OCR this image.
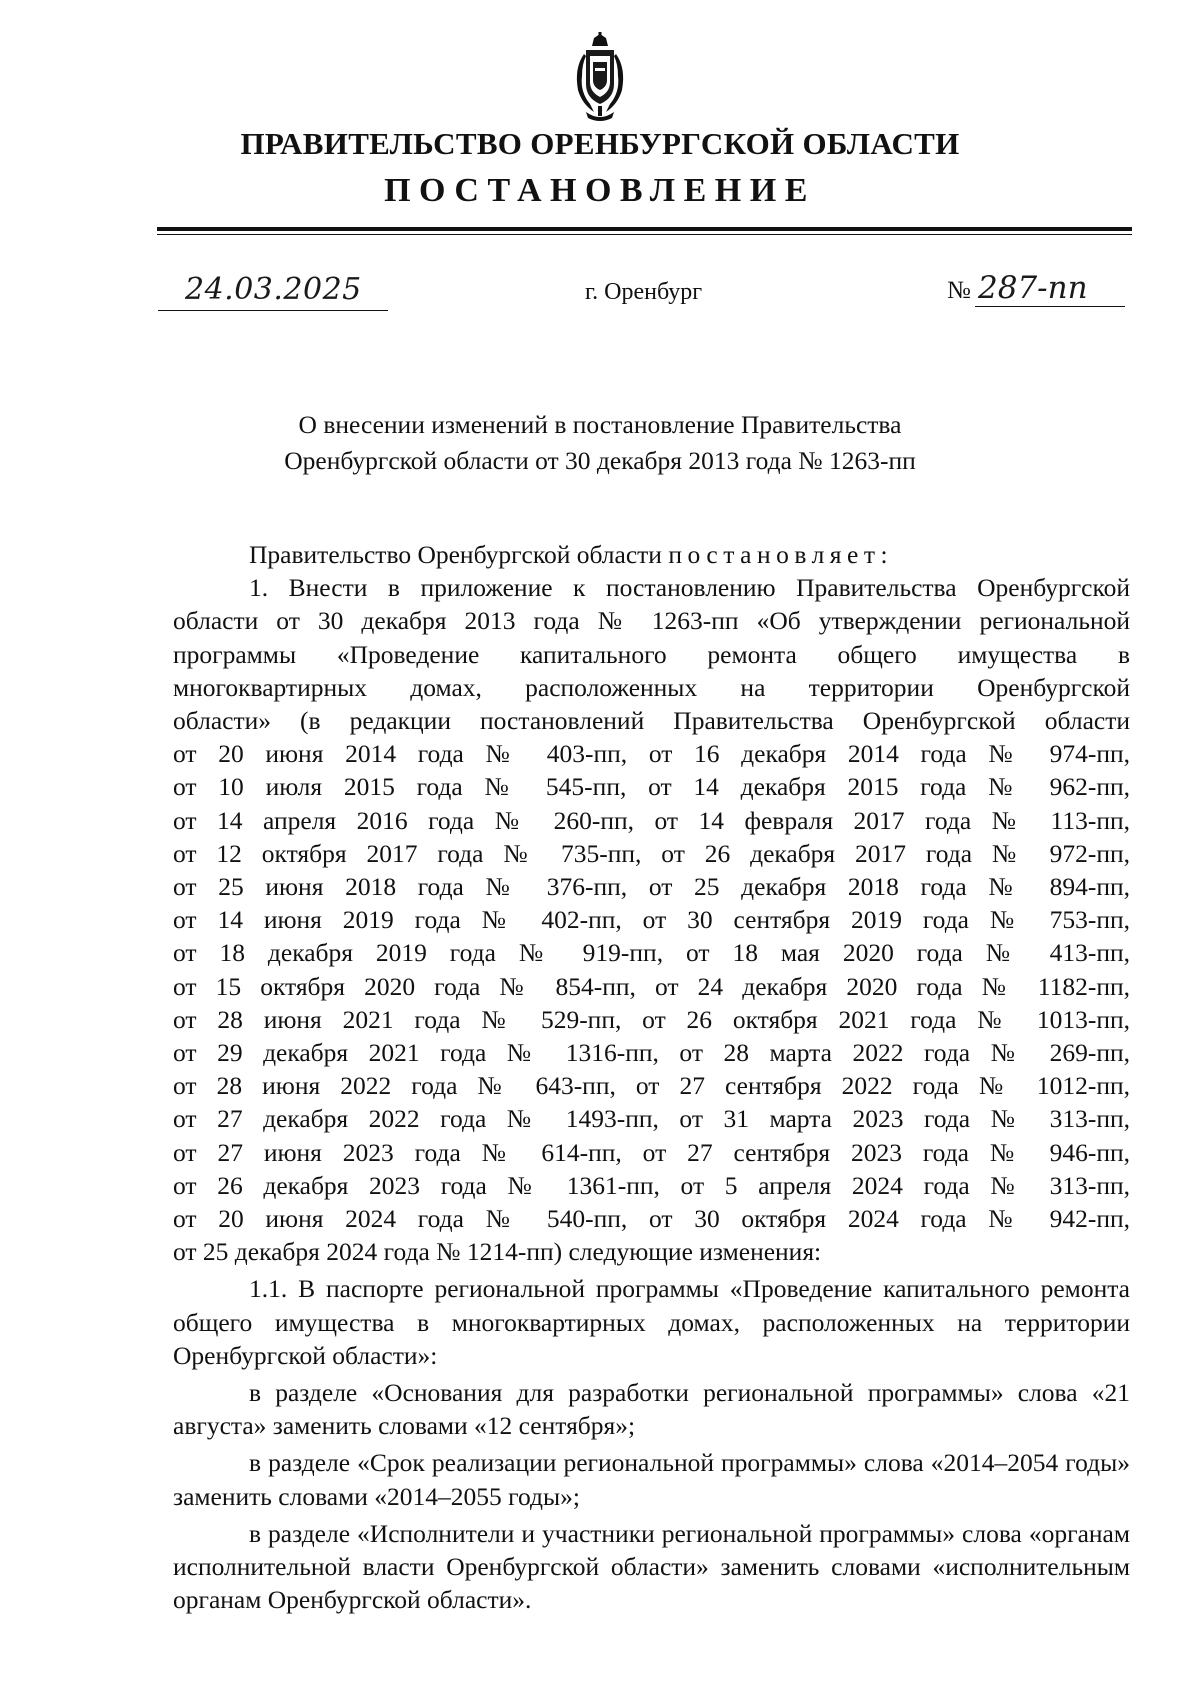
ПРАВИТЕЛЬСТВО ОРЕНБУРГСКОЙ ОБЛАСТИ
ПОСТАНОВЛЕНИЕ
24.03.2025	г. Оренбург	№ 287-пп
О внесении изменений в постановление Правительства
Оренбургской области от 30 декабря 2013 года № 1263-пп

Правительство Оренбургской области постановляет:

1. Внести в приложение к постановлению Правительства Оренбургской
области от 30 декабря 2013 года № 1263-пп «Об утверждении региональной
программы «Проведение капитального ремонта общего имущества в
многоквартирных домах, расположенных на территории Оренбургской
области» (в редакции постановлений Правительства Оренбургской области
от 20 июня 2014 года № 403-пп, от 16 декабря 2014 года № 974-пп,
от 10 июля 2015 года № 545-пп, от 14 декабря 2015 года № 962-пп,
от 14 апреля 2016 года № 260-пп, от 14 февраля 2017 года № 113-пп,
от 12 октября 2017 года № 735-пп, от 26 декабря 2017 года № 972-пп,
от 25 июня 2018 года № 376-пп, от 25 декабря 2018 года № 894-пп,
от 14 июня 2019 года № 402-пп, от 30 сентября 2019 года № 753-пп,
от 18 декабря 2019 года № 919-пп, от 18 мая 2020 года № 413-пп,
от 15 октября 2020 года № 854-пп, от 24 декабря 2020 года № 1182-пп,
от 28 июня 2021 года № 529-пп, от 26 октября 2021 года № 1013-пп,
от 29 декабря 2021 года № 1316-пп, от 28 марта 2022 года № 269-пп,
от 28 июня 2022 года № 643-пп, от 27 сентября 2022 года № 1012-пп,
от 27 декабря 2022 года № 1493-пп, от 31 марта 2023 года № 313-пп,
от 27 июня 2023 года № 614-пп, от 27 сентября 2023 года № 946-пп,
от 26 декабря 2023 года № 1361-пп, от 5 апреля 2024 года № 313-пп,
от 20 июня 2024 года № 540-пп, от 30 октября 2024 года № 942-пп,
от 25 декабря 2024 года № 1214-пп) следующие изменения:

1.1. В паспорте региональной программы «Проведение капитального ремонта общего имущества в многоквартирных домах, расположенных на территории Оренбургской области»:

в разделе «Основания для разработки региональной программы» слова «21 августа» заменить словами «12 сентября»;

в разделе «Срок реализации региональной программы» слова «2014–2054 годы» заменить словами «2014–2055 годы»;

в разделе «Исполнители и участники региональной программы» слова «органам исполнительной власти Оренбургской области» заменить словами «исполнительным органам Оренбургской области».
